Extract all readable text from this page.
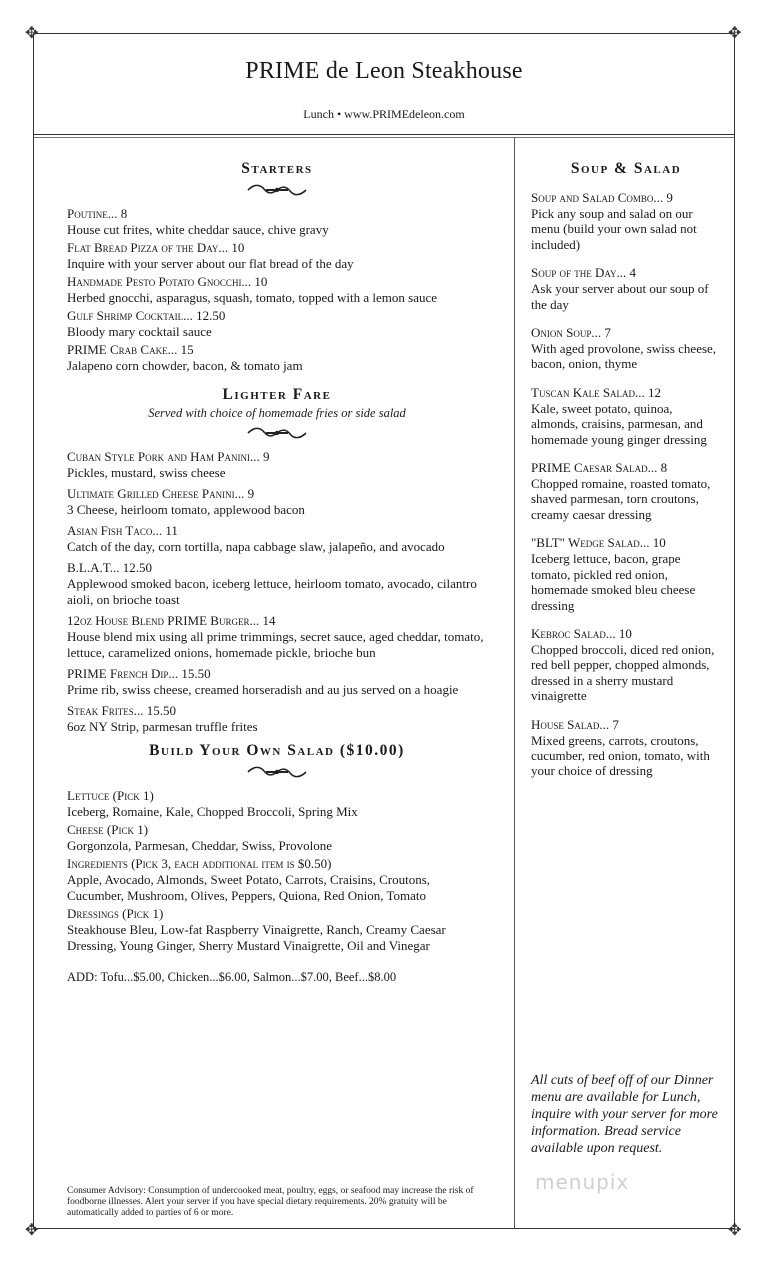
✥	✥
✥	✥
PRIME de Leon Steakhouse
Lunch • www.PRIMEdeleon.com
Starters
Poutine... 8
House cut frites, white cheddar sauce, chive gravy
Flat Bread Pizza of the Day... 10
Inquire with your server about our flat bread of the day
Handmade Pesto Potato Gnocchi... 10
Herbed gnocchi, asparagus, squash, tomato, topped with a lemon sauce
Gulf Shrimp Cocktail... 12.50
Bloody mary cocktail sauce
PRIME Crab Cake... 15
Jalapeno corn chowder, bacon, & tomato jam
Lighter Fare
Served with choice of homemade fries or side salad
Cuban Style Pork and Ham Panini... 9
Pickles, mustard, swiss cheese
Ultimate Grilled Cheese Panini... 9
3 Cheese, heirloom tomato, applewood bacon
Asian Fish Taco... 11
Catch of the day, corn tortilla, napa cabbage slaw, jalapeño, and avocado
B.L.A.T... 12.50
Applewood smoked bacon, iceberg lettuce, heirloom tomato, avocado, cilantro aioli, on brioche toast
12oz House Blend PRIME Burger... 14
House blend mix using all prime trimmings, secret sauce, aged cheddar, tomato, lettuce, caramelized onions, homemade pickle, brioche bun
PRIME French Dip... 15.50
Prime rib, swiss cheese, creamed horseradish and au jus served on a hoagie
Steak Frites... 15.50
6oz NY Strip, parmesan truffle frites
Build Your Own Salad ($10.00)
Lettuce (Pick 1)
Iceberg, Romaine, Kale, Chopped Broccoli, Spring Mix
Cheese (Pick 1)
Gorgonzola, Parmesan, Cheddar, Swiss, Provolone
Ingredients (Pick 3, each additional item is $0.50)
Apple, Avocado, Almonds, Sweet Potato, Carrots, Craisins, Croutons, Cucumber, Mushroom, Olives, Peppers, Quiona, Red Onion, Tomato
Dressings (Pick 1)
Steakhouse Bleu, Low-fat Raspberry Vinaigrette, Ranch, Creamy Caesar Dressing, Young Ginger, Sherry Mustard Vinaigrette, Oil and Vinegar
ADD: Tofu...$5.00, Chicken...$6.00, Salmon...$7.00, Beef...$8.00
Soup & Salad
Soup and Salad Combo... 9
Pick any soup and salad on our menu (build your own salad not included)
Soup of the Day... 4
Ask your server about our soup of the day
Onion Soup... 7
With aged provolone, swiss cheese, bacon, onion, thyme
Tuscan Kale Salad... 12
Kale, sweet potato, quinoa, almonds, craisins, parmesan, and homemade young ginger dressing
PRIME Caesar Salad... 8
Chopped romaine, roasted tomato, shaved parmesan, torn croutons, creamy caesar dressing
"BLT" Wedge Salad... 10
Iceberg lettuce, bacon, grape tomato, pickled red onion, homemade smoked bleu cheese dressing
Kebroc Salad... 10
Chopped broccoli, diced red onion, red bell pepper, chopped almonds, dressed in a sherry mustard vinaigrette
House Salad... 7
Mixed greens, carrots, croutons, cucumber, red onion, tomato, with your choice of dressing
All cuts of beef off of our Dinner menu are available for Lunch, inquire with your server for more information. Bread service available upon request.
menupix
Consumer Advisory: Consumption of undercooked meat, poultry, eggs, or seafood may increase the risk of foodborne illnesses. Alert your server if you have special dietary requirements. 20% gratuity will be automatically added to parties of 6 or more.
